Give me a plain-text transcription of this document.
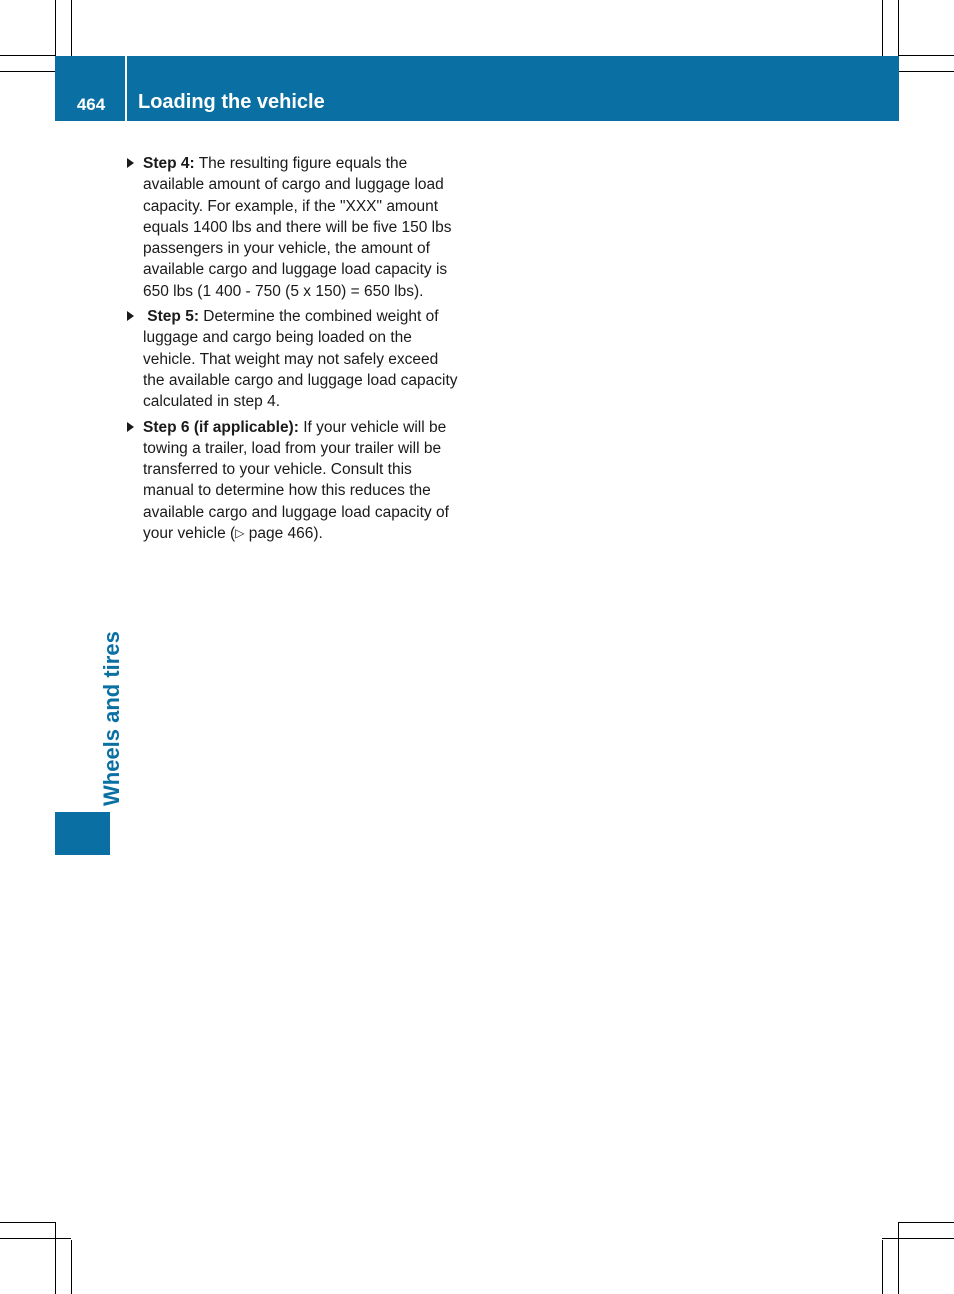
464	Loading the vehicle
Wheels and tires
Step 4: The resulting figure equals the available amount of cargo and luggage load capacity. For example, if the "XXX" amount equals 1400 lbs and there will be five 150 lbs passengers in your vehicle, the amount of available cargo and luggage load capacity is 650 lbs (1 400 - 750 (5 x 150) = 650 lbs).
Step 5: Determine the combined weight of luggage and cargo being loaded on the vehicle. That weight may not safely exceed the available cargo and luggage load capacity calculated in step 4.
Step 6 (if applicable): If your vehicle will be towing a trailer, load from your trailer will be transferred to your vehicle. Consult this manual to determine how this reduces the available cargo and luggage load capacity of your vehicle (▷ page 466).
